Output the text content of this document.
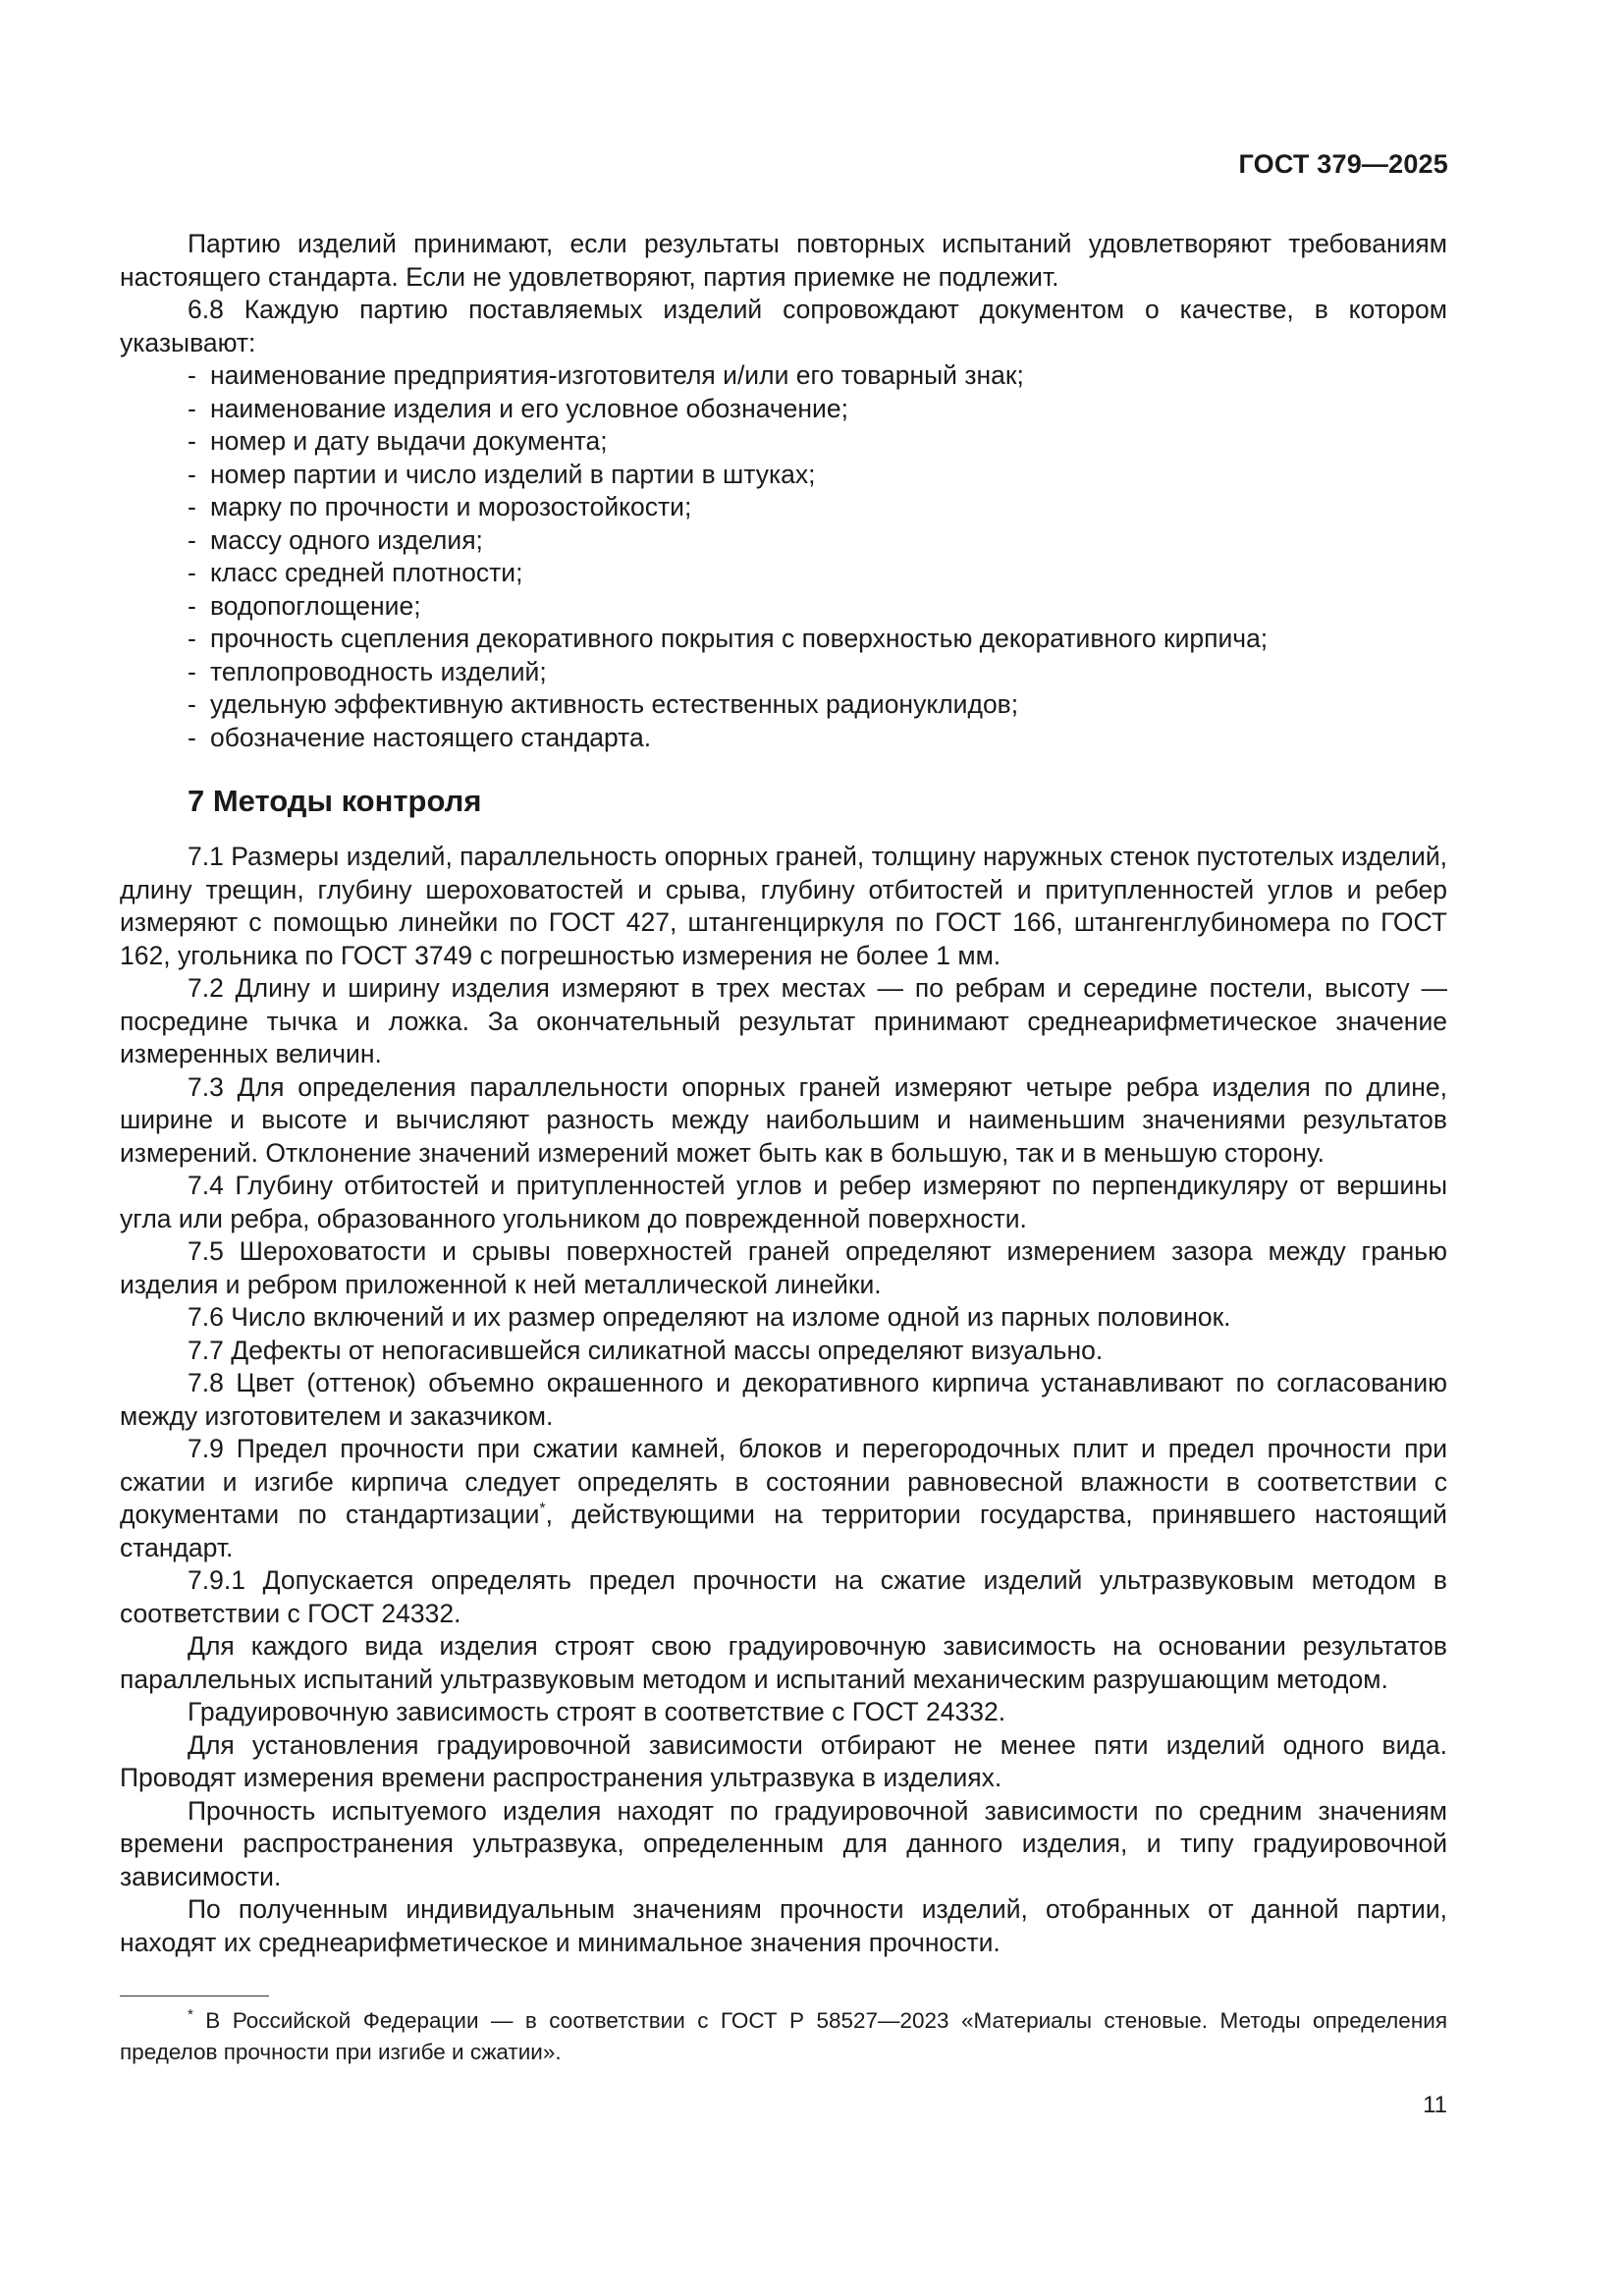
ГОСТ 379—2025

Партию изделий принимают, если результаты повторных испытаний удовлетворяют требованиям настоящего стандарта. Если не удовлетворяют, партия приемке не подлежит.

6.8 Каждую партию поставляемых изделий сопровождают документом о качестве, в котором указывают:

- наименование предприятия-изготовителя и/или его товарный знак;
- наименование изделия и его условное обозначение;
- номер и дату выдачи документа;
- номер партии и число изделий в партии в штуках;
- марку по прочности и морозостойкости;
- массу одного изделия;
- класс средней плотности;
- водопоглощение;
- прочность сцепления декоративного покрытия с поверхностью декоративного кирпича;
- теплопроводность изделий;
- удельную эффективную активность естественных радионуклидов;
- обозначение настоящего стандарта.
7 Методы контроля

7.1 Размеры изделий, параллельность опорных граней, толщину наружных стенок пустотелых изделий, длину трещин, глубину шероховатостей и срыва, глубину отбитостей и притупленностей углов и ребер измеряют с помощью линейки по ГОСТ 427, штангенциркуля по ГОСТ 166, штангенглубиномера по ГОСТ 162, угольника по ГОСТ 3749 с погрешностью измерения не более 1 мм.

7.2 Длину и ширину изделия измеряют в трех местах — по ребрам и середине постели, высоту — посредине тычка и ложка. За окончательный результат принимают среднеарифметическое значение измеренных величин.

7.3 Для определения параллельности опорных граней измеряют четыре ребра изделия по длине, ширине и высоте и вычисляют разность между наибольшим и наименьшим значениями результатов измерений. Отклонение значений измерений может быть как в большую, так и в меньшую сторону.

7.4 Глубину отбитостей и притупленностей углов и ребер измеряют по перпендикуляру от вершины угла или ребра, образованного угольником до поврежденной поверхности.

7.5 Шероховатости и срывы поверхностей граней определяют измерением зазора между гранью изделия и ребром приложенной к ней металлической линейки.

7.6 Число включений и их размер определяют на изломе одной из парных половинок.

7.7 Дефекты от непогасившейся силикатной массы определяют визуально.

7.8 Цвет (оттенок) объемно окрашенного и декоративного кирпича устанавливают по согласованию между изготовителем и заказчиком.

7.9 Предел прочности при сжатии камней, блоков и перегородочных плит и предел прочности при сжатии и изгибе кирпича следует определять в состоянии равновесной влажности в соответствии с документами по стандартизации*, действующими на территории государства, принявшего настоящий стандарт.

7.9.1 Допускается определять предел прочности на сжатие изделий ультразвуковым методом в соответствии с ГОСТ 24332.

Для каждого вида изделия строят свою градуировочную зависимость на основании результатов параллельных испытаний ультразвуковым методом и испытаний механическим разрушающим методом.

Градуировочную зависимость строят в соответствие с ГОСТ 24332.

Для установления градуировочной зависимости отбирают не менее пяти изделий одного вида. Проводят измерения времени распространения ультразвука в изделиях.

Прочность испытуемого изделия находят по градуировочной зависимости по средним значениям времени распространения ультразвука, определенным для данного изделия, и типу градуировочной зависимости.

По полученным индивидуальным значениям прочности изделий, отобранных от данной партии, находят их среднеарифметическое и минимальное значения прочности.

* В Российской Федерации — в соответствии с ГОСТ Р 58527—2023 «Материалы стеновые. Методы определения пределов прочности при изгибе и сжатии».

11
